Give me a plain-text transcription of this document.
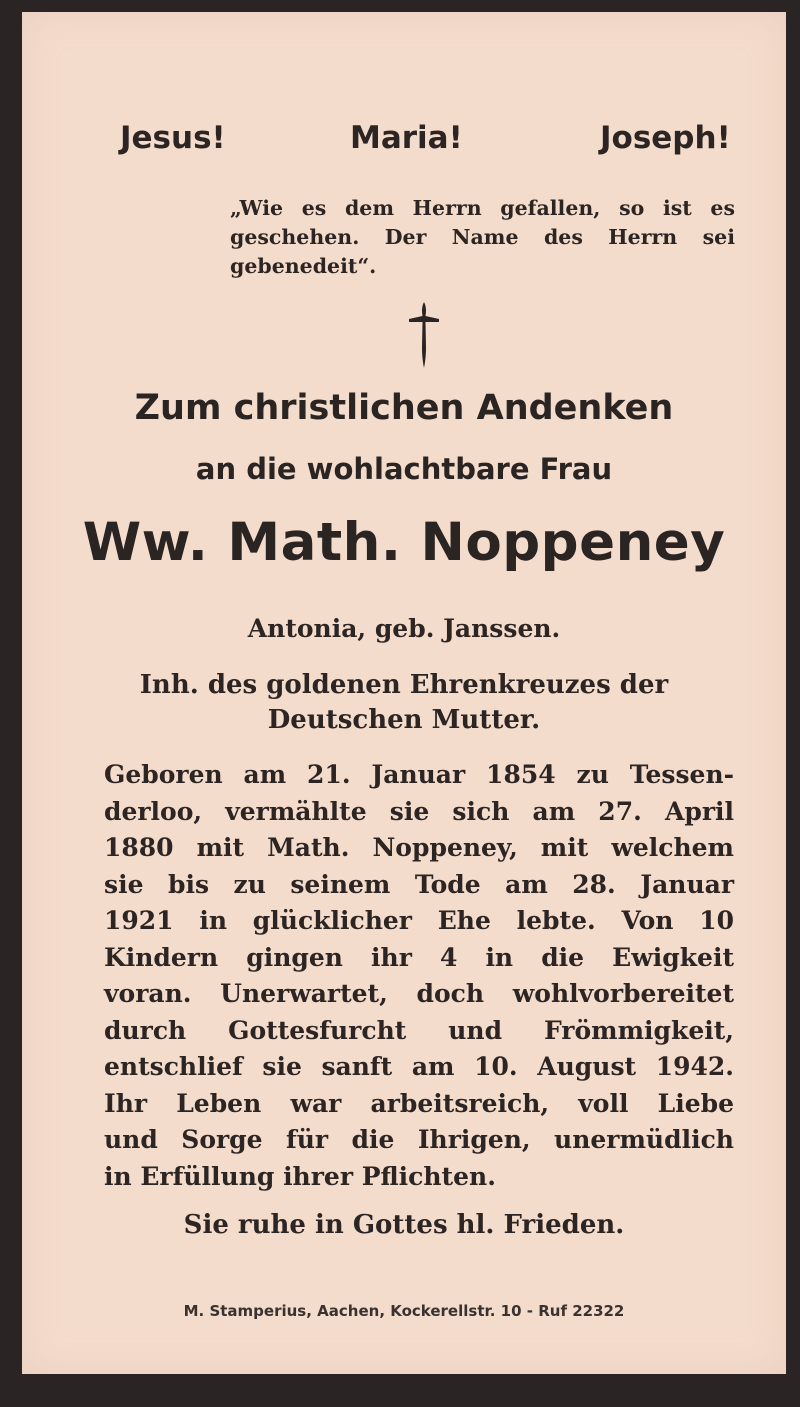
Jesus!	Maria!	Joseph!
„Wie es dem Herrn gefallen, so ist es geschehen. Der Name des Herrn sei gebenedeit“.
Zum christlichen Andenken
an die wohlachtbare Frau
Ww. Math. Noppeney
Antonia, geb. Janssen.
Inh. des goldenen Ehrenkreuzes der
Deutschen Mutter.
Geboren am 21. Januar 1854 zu Tessen-
derloo, vermählte sie sich am 27. April
1880 mit Math. Noppeney, mit welchem
sie bis zu seinem Tode am 28. Januar
1921 in glücklicher Ehe lebte. Von 10
Kindern gingen ihr 4 in die Ewigkeit
voran. Unerwartet, doch wohlvorbereitet
durch Gottesfurcht und Frömmigkeit,
entschlief sie sanft am 10. August 1942.
Ihr Leben war arbeitsreich, voll Liebe
und Sorge für die Ihrigen, unermüdlich
in Erfüllung ihrer Pflichten.
Sie ruhe in Gottes hl. Frieden.
M. Stamperius, Aachen, Kockerellstr. 10 - Ruf 22322
